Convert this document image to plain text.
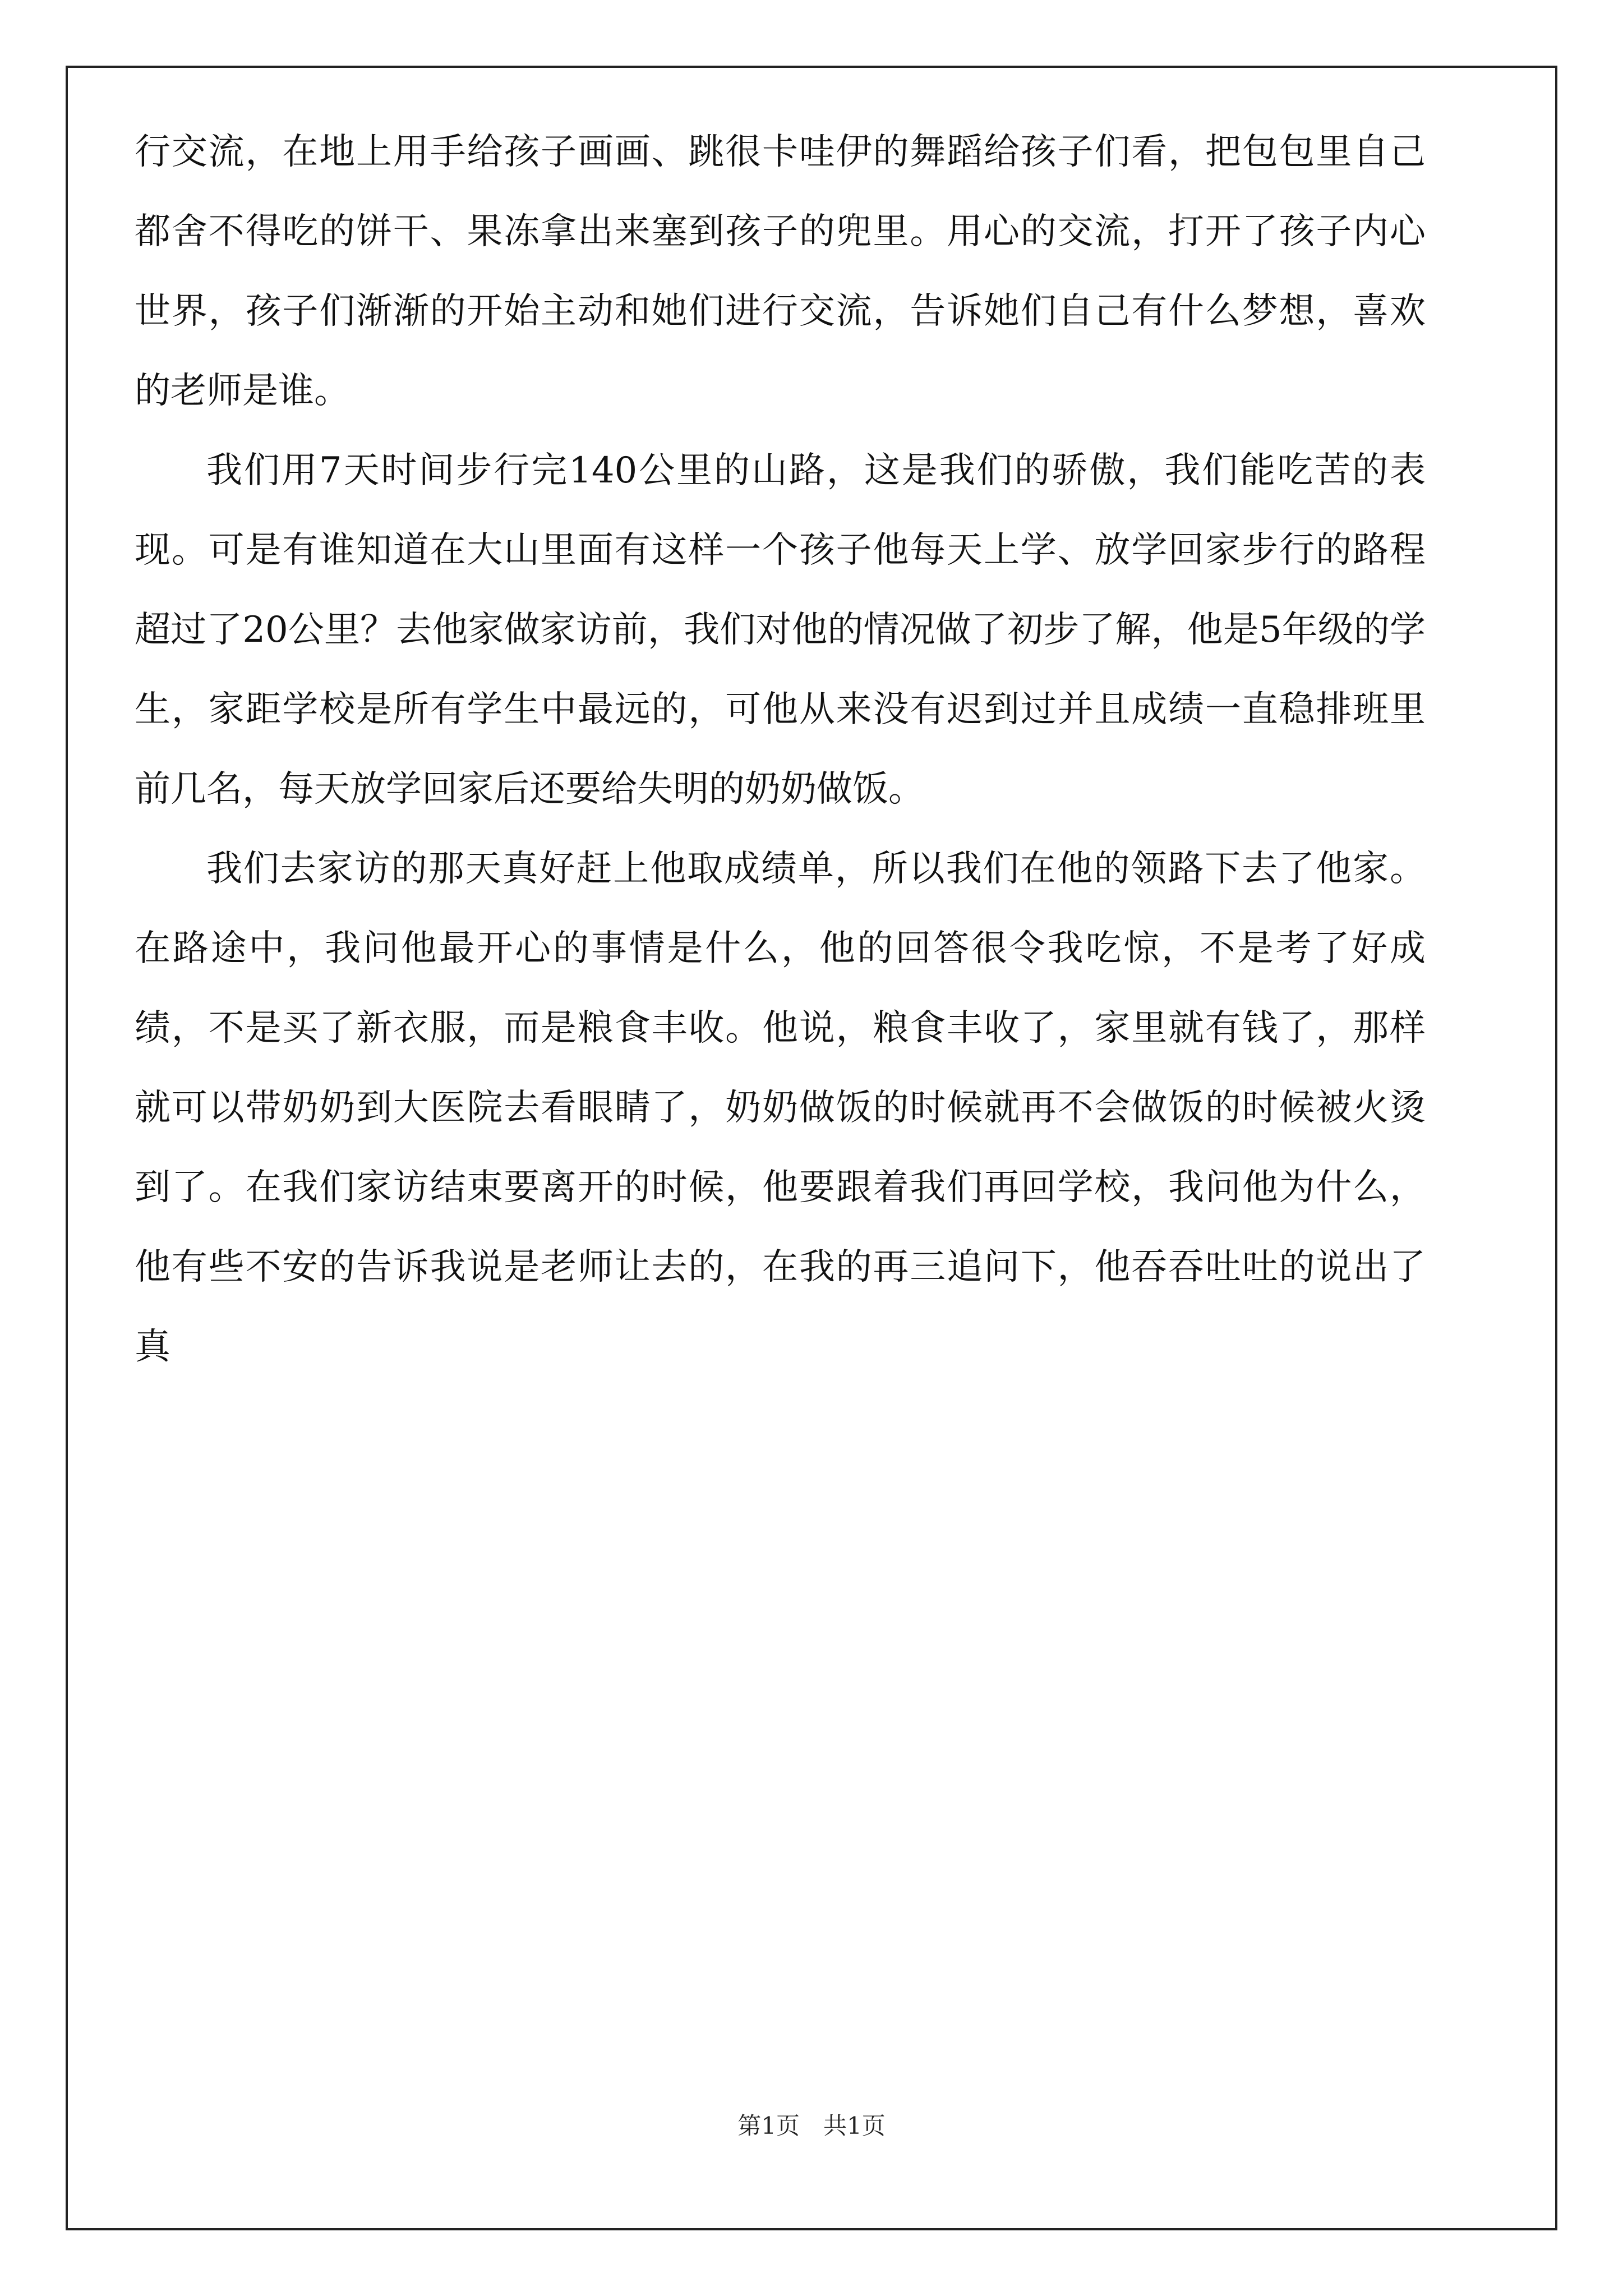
行交流，在地上用手给孩子画画、跳很卡哇伊的舞蹈给孩子们看，把包包里自己都舍不得吃的饼干、果冻拿出来塞到孩子的兜里。用心的交流，打开了孩子内心世界，孩子们渐渐的开始主动和她们进行交流，告诉她们自己有什么梦想，喜欢的老师是谁。

我们用7天时间步行完140公里的山路，这是我们的骄傲，我们能吃苦的表现。可是有谁知道在大山里面有这样一个孩子他每天上学、放学回家步行的路程超过了20公里？去他家做家访前，我们对他的情况做了初步了解，他是5年级的学生，家距学校是所有学生中最远的，可他从来没有迟到过并且成绩一直稳排班里前几名，每天放学回家后还要给失明的奶奶做饭。

我们去家访的那天真好赶上他取成绩单，所以我们在他的领路下去了他家。在路途中，我问他最开心的事情是什么，他的回答很令我吃惊，不是考了好成绩，不是买了新衣服，而是粮食丰收。他说，粮食丰收了，家里就有钱了，那样就可以带奶奶到大医院去看眼睛了，奶奶做饭的时候就再不会做饭的时候被火烫到了。在我们家访结束要离开的时候，他要跟着我们再回学校，我问他为什么，他有些不安的告诉我说是老师让去的，在我的再三追问下，他吞吞吐吐的说出了真

第1页　共1页
